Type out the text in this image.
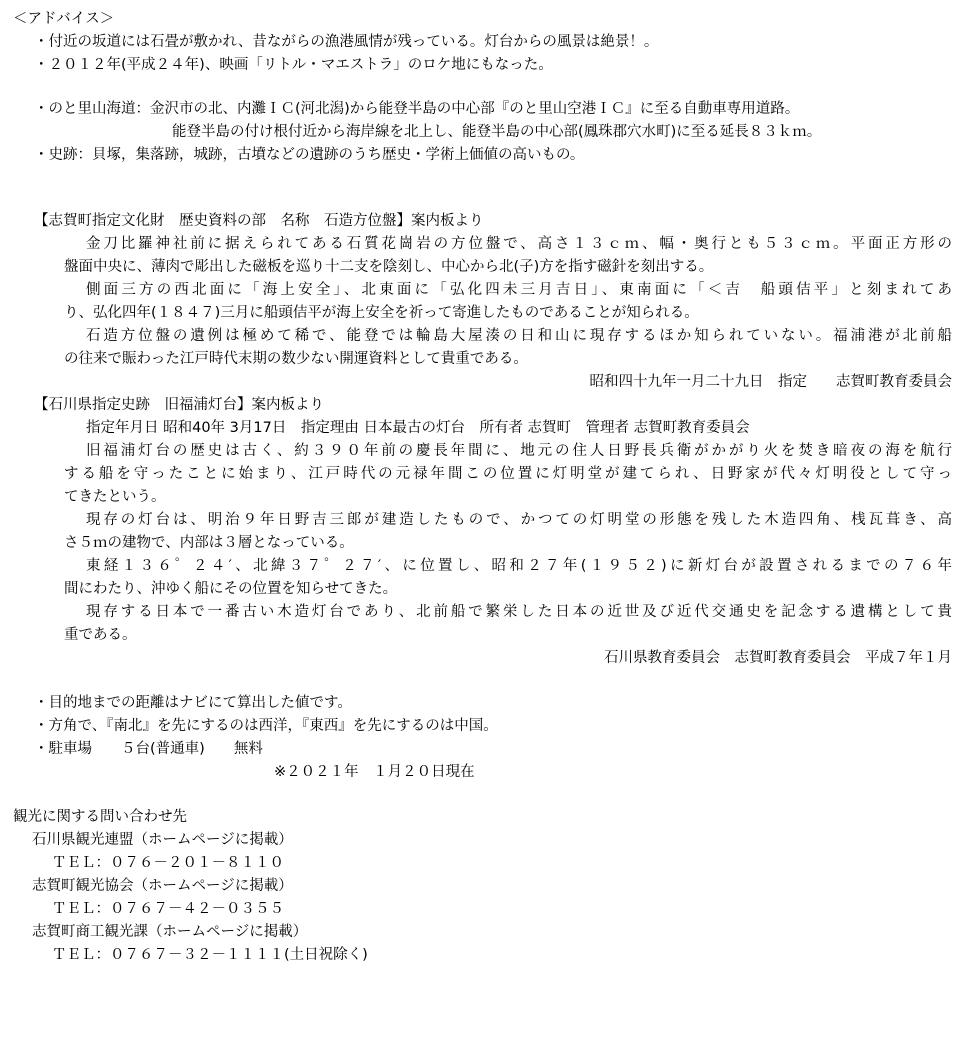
＜アドバイス＞
・付近の坂道には石畳が敷かれ、昔ながらの漁港風情が残っている。灯台からの風景は絶景！。
・２０１２年(平成２４年)、映画「リトル・マエストラ」のロケ地にもなった。
・のと里山海道：金沢市の北、内灘ＩＣ(河北潟)から能登半島の中心部『のと里山空港ＩＣ』に至る自動車専用道路。
能登半島の付け根付近から海岸線を北上し、能登半島の中心部(鳳珠郡穴水町)に至る延長８３ｋｍ。
・史跡：貝塚，集落跡，城跡，古墳などの遺跡のうち歴史・学術上価値の高いもの。
【志賀町指定文化財　歴史資料の部　名称　石造方位盤】案内板より
金刀比羅神社前に据えられてある石質花崗岩の方位盤で、高さ１３ｃｍ、幅・奥行とも５３ｃｍ。平面正方形の
盤面中央に、薄肉で彫出した磁板を巡り十二支を陰刻し、中心から北(子)方を指す磁針を刻出する。
側面三方の西北面に「海上安全」、北東面に「弘化四未三月吉日」、東南面に「＜吉　船頭佶平」と刻まれてあ
り、弘化四年(１８４７)三月に船頭佶平が海上安全を祈って寄進したものであることが知られる。
石造方位盤の遺例は極めて稀で、能登では輪島大屋湊の日和山に現存するほか知られていない。福浦港が北前船
の往来で賑わった江戸時代末期の数少ない開運資料として貴重である。
昭和四十九年一月二十九日　指定　　志賀町教育委員会
【石川県指定史跡　旧福浦灯台】案内板より
指定年月日 昭和40年 3月17日　指定理由 日本最古の灯台　所有者 志賀町　管理者 志賀町教育委員会
旧福浦灯台の歴史は古く、約３９０年前の慶長年間に、地元の住人日野長兵衛がかがり火を焚き暗夜の海を航行
する船を守ったことに始まり、江戸時代の元禄年間この位置に灯明堂が建てられ、日野家が代々灯明役として守っ
てきたという。
現存の灯台は、明治９年日野吉三郎が建造したもので、かつての灯明堂の形態を残した木造四角、桟瓦葺き、高
さ５ｍの建物で、内部は３層となっている。
東経１３６゜２４′、北緯３７゜２７′、に位置し、昭和２７年(１９５２)に新灯台が設置されるまでの７６年
間にわたり、沖ゆく船にその位置を知らせてきた。
現存する日本で一番古い木造灯台であり、北前船で繁栄した日本の近世及び近代交通史を記念する遺構として貴
重である。
石川県教育委員会　志賀町教育委員会　平成７年１月
・目的地までの距離はナビにて算出した値です。
・方角で、『南北』を先にするのは西洋，『東西』を先にするのは中国。
・駐車場　　５台(普通車)　　無料
※２０２１年　１月２０日現在
観光に関する問い合わせ先
石川県観光連盟（ホームページに掲載）
ＴＥＬ：０７６－２０１－８１１０
志賀町観光協会（ホームページに掲載）
ＴＥＬ：０７６７－４２－０３５５
志賀町商工観光課（ホームページに掲載）
ＴＥＬ：０７６７－３２－１１１１(土日祝除く)
